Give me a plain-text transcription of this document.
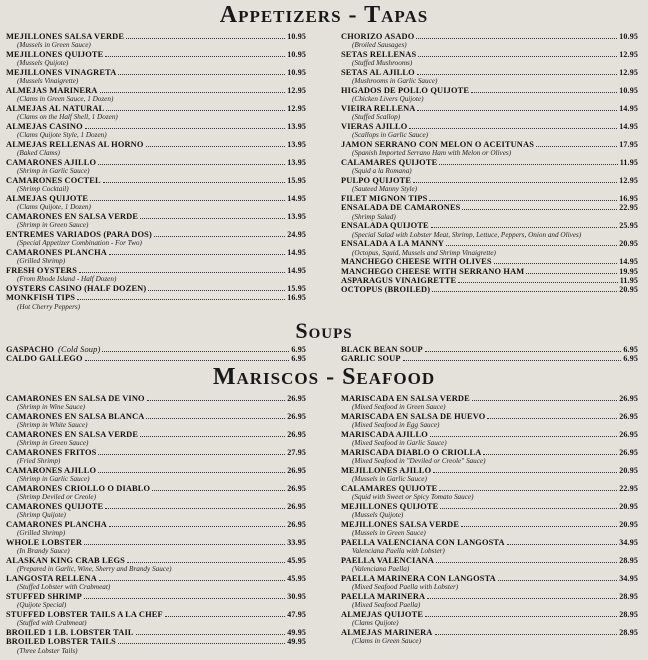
Appetizers - Tapas
MEJILLONES SALSA VERDE	10.95
(Mussels in Green Sauce)
MEJILLONES QUIJOTE	10.95
(Mussels Quijote)
MEJILLONES VINAGRETA	10.95
(Mussels Vinaigrette)
ALMEJAS MARINERA	12.95
(Clams in Green Sauce, 1 Dozen)
ALMEJAS AL NATURAL	12.95
(Clams on the Half Shell, 1 Dozen)
ALMEJAS CASINO	13.95
(Clams Quijote Style, 1 Dozen)
ALMEJAS RELLENAS AL HORNO	13.95
(Baked Clams)
CAMARONES AJILLO	13.95
(Shrimp in Garlic Sauce)
CAMARONES COCTEL	15.95
(Shrimp Cocktail)
ALMEJAS QUIJOTE	14.95
(Clams Quijote, 1 Dozen)
CAMARONES EN SALSA VERDE	13.95
(Shrimp in Green Sauce)
ENTREMES VARIADOS (PARA DOS)	24.95
(Special Appetizer Combination - For Two)
CAMARONES PLANCHA	14.95
(Grilled Shrimp)
FRESH OYSTERS	14.95
(From Rhode Island - Half Dozen)
OYSTERS CASINO (HALF DOZEN)	15.95
MONKFISH TIPS	16.95
(Hot Cherry Peppers)
CHORIZO ASADO	10.95
(Broiled Sausages)
SETAS RELLENAS	12.95
(Stuffed Mushrooms)
SETAS AL AJILLO	12.95
(Mushrooms in Garlic Sauce)
HIGADOS DE POLLO QUIJOTE	10.95
(Chicken Livers Quijote)
VIEIRA RELLENA	14.95
(Stuffed Scallop)
VIERAS AJILLO	14.95
(Scallops in Garlic Sauce)
JAMON SERRANO CON MELON O ACEITUNAS	17.95
(Spanish Imported Serrano Ham with Melon or Olives)
CALAMARES QUIJOTE	11.95
(Squid a la Romana)
PULPO QUIJOTE	12.95
(Sauteed Manny Style)
FILET MIGNON TIPS	16.95
ENSALADA DE CAMARONES	22.95
(Shrimp Salad)
ENSALADA QUIJOTE	25.95
(Special Salad with Lobster Meat, Shrimp, Lettuce, Peppers, Onion and Olives)
ENSALADA A LA MANNY	20.95
(Octopus, Squid, Mussels and Shrimp Vinaigrette)
MANCHEGO CHEESE WITH OLIVES	14.95
MANCHEGO CHEESE WITH SERRANO HAM	19.95
ASPARAGUS VINAIGRETTE	11.95
OCTOPUS (BROILED)	20.95
Soups
GASPACHO (Cold Soup)	6.95
CALDO GALLEGO	6.95
BLACK BEAN SOUP	6.95
GARLIC SOUP	6.95
Mariscos - Seafood
CAMARONES EN SALSA DE VINO	26.95
(Shrimp in Wine Sauce)
CAMARONES EN SALSA BLANCA	26.95
(Shrimp in White Sauce)
CAMARONES EN SALSA VERDE	26.95
(Shrimp in Green Sauce)
CAMARONES FRITOS	27.95
(Fried Shrimp)
CAMARONES AJILLO	26.95
(Shrimp in Garlic Sauce)
CAMARONES CRIOLLO O DIABLO	26.95
(Shrimp Deviled or Creole)
CAMARONES QUIJOTE	26.95
(Shrimp Quijote)
CAMARONES PLANCHA	26.95
(Grilled Shrimp)
WHOLE LOBSTER	33.95
(In Brandy Sauce)
ALASKAN KING CRAB LEGS	45.95
(Prepared in Garlic, Wine, Sherry and Brandy Sauce)
LANGOSTA RELLENA	45.95
(Stuffed Lobster with Crabmeat)
STUFFED SHRIMP	30.95
(Quijote Special)
STUFFED LOBSTER TAILS A LA CHEF	47.95
(Stuffed with Crabmeat)
BROILED 1 LB. LOBSTER TAIL	49.95
BROILED LOBSTER TAILS	49.95
(Three Lobster Tails)
MARISCADA EN SALSA VERDE	26.95
(Mixed Seafood in Green Sauce)
MARISCADA EN SALSA DE HUEVO	26.95
(Mixed Seafood in Egg Sauce)
MARISCADA AJILLO	26.95
(Mixed Seafood in Garlic Sauce)
MARISCADA DIABLO O CRIOLLA	26.95
(Mixed Seafood in "Deviled or Creole" Sauce)
MEJILLONES AJILLO	20.95
(Mussels in Garlic Sauce)
CALAMARES QUIJOTE	22.95
(Squid with Sweet or Spicy Tomato Sauce)
MEJILLONES QUIJOTE	20.95
(Mussels Quijote)
MEJILLONES SALSA VERDE	20.95
(Mussels in Green Sauce)
PAELLA VALENCIANA CON LANGOSTA	34.95
Valenciana Paella with Lobster)
PAELLA VALENCIANA	28.95
(Valenciana Paella)
PAELLA MARINERA CON LANGOSTA	34.95
(Mixed Seafood Paella with Lobster)
PAELLA MARINERA	28.95
(Mixed Seafood Paella)
ALMEJAS QUIJOTE	28.95
(Clams Quijote)
ALMEJAS MARINERA	28.95
(Clams in Green Sauce)
